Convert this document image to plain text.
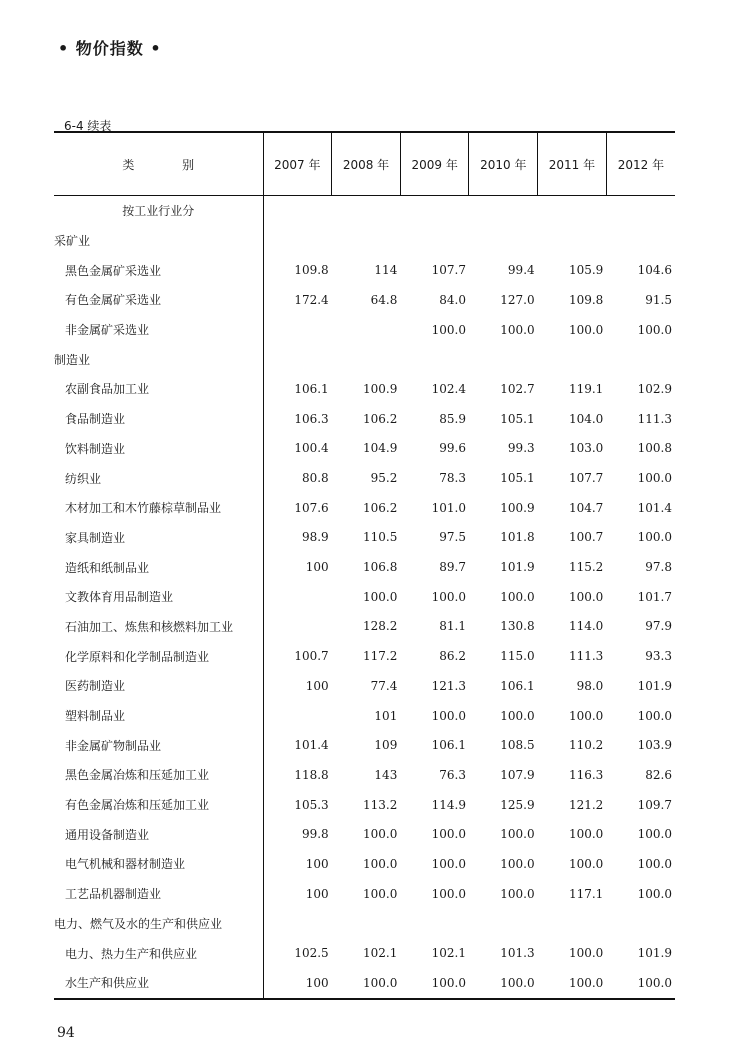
• 物价指数 •
6-4 续表
类 别	2007 年	2008 年	2009 年	2010 年	2011 年	2012 年
按工业行业分						
采矿业						
黑色金属矿采选业	109.8	114	107.7	99.4	105.9	104.6
有色金属矿采选业	172.4	64.8	84.0	127.0	109.8	91.5
非金属矿采选业			100.0	100.0	100.0	100.0
制造业						
农副食品加工业	106.1	100.9	102.4	102.7	119.1	102.9
食品制造业	106.3	106.2	85.9	105.1	104.0	111.3
饮料制造业	100.4	104.9	99.6	99.3	103.0	100.8
纺织业	80.8	95.2	78.3	105.1	107.7	100.0
木材加工和木竹藤棕草制品业	107.6	106.2	101.0	100.9	104.7	101.4
家具制造业	98.9	110.5	97.5	101.8	100.7	100.0
造纸和纸制品业	100	106.8	89.7	101.9	115.2	97.8
文教体育用品制造业		100.0	100.0	100.0	100.0	101.7
石油加工、炼焦和核燃料加工业		128.2	81.1	130.8	114.0	97.9
化学原料和化学制品制造业	100.7	117.2	86.2	115.0	111.3	93.3
医药制造业	100	77.4	121.3	106.1	98.0	101.9
塑料制品业		101	100.0	100.0	100.0	100.0
非金属矿物制品业	101.4	109	106.1	108.5	110.2	103.9
黑色金属冶炼和压延加工业	118.8	143	76.3	107.9	116.3	82.6
有色金属冶炼和压延加工业	105.3	113.2	114.9	125.9	121.2	109.7
通用设备制造业	99.8	100.0	100.0	100.0	100.0	100.0
电气机械和器材制造业	100	100.0	100.0	100.0	100.0	100.0
工艺品机器制造业	100	100.0	100.0	100.0	117.1	100.0
电力、燃气及水的生产和供应业						
电力、热力生产和供应业	102.5	102.1	102.1	101.3	100.0	101.9
水生产和供应业	100	100.0	100.0	100.0	100.0	100.0
94
